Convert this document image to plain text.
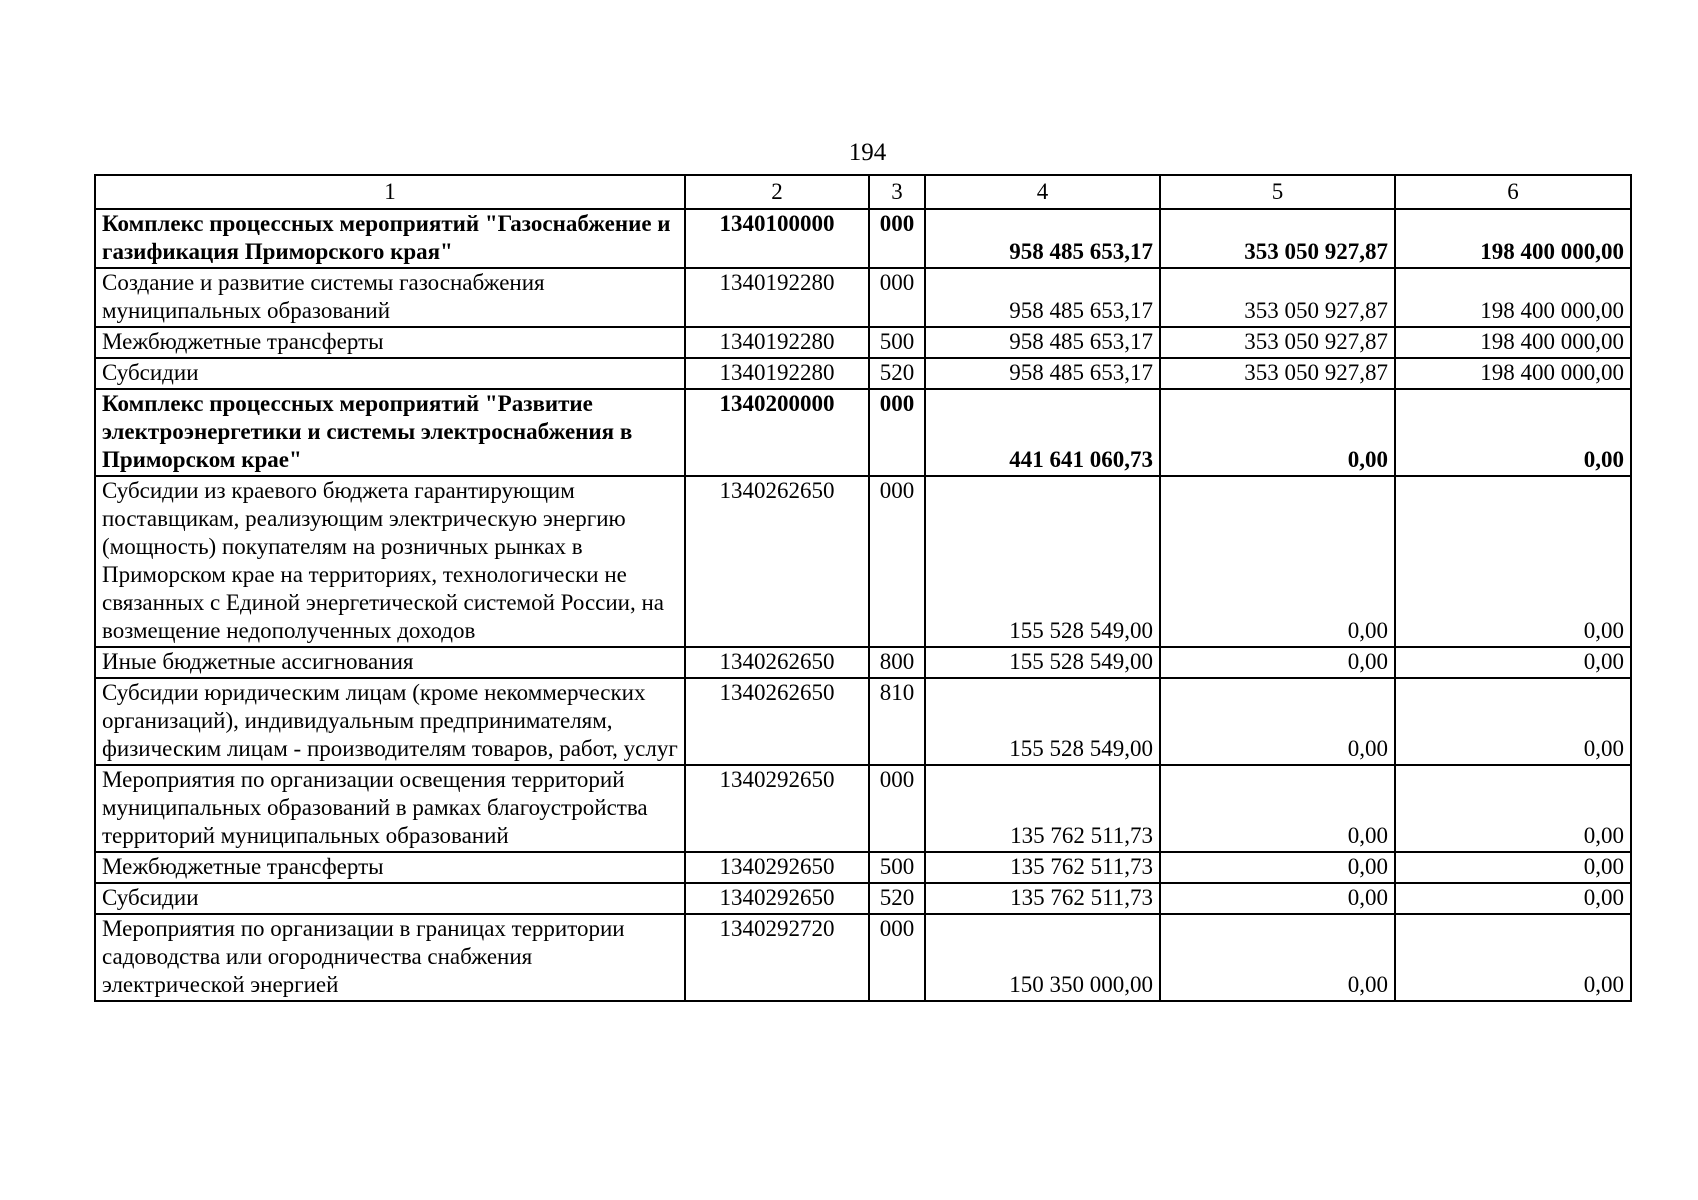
194
1	2	3	4	5	6
Комплекс процессных мероприятий "Газоснабжение и газификация Приморского края"	1340100000	000	958 485 653,17	353 050 927,87	198 400 000,00
Создание и развитие системы газоснабжения муниципальных образований	1340192280	000	958 485 653,17	353 050 927,87	198 400 000,00
Межбюджетные трансферты	1340192280	500	958 485 653,17	353 050 927,87	198 400 000,00
Субсидии	1340192280	520	958 485 653,17	353 050 927,87	198 400 000,00
Комплекс процессных мероприятий "Развитие электроэнергетики и системы электроснабжения в Приморском крае"	1340200000	000	441 641 060,73	0,00	0,00
Субсидии из краевого бюджета гарантирующим поставщикам, реализующим электрическую энергию (мощность) покупателям на розничных рынках в Приморском крае на территориях, технологически не связанных с Единой энергетической системой России, на возмещение недополученных доходов	1340262650	000	155 528 549,00	0,00	0,00
Иные бюджетные ассигнования	1340262650	800	155 528 549,00	0,00	0,00
Субсидии юридическим лицам (кроме некоммерческих организаций), индивидуальным предпринимателям, физическим лицам - производителям товаров, работ, услуг	1340262650	810	155 528 549,00	0,00	0,00
Мероприятия по организации освещения территорий муниципальных образований в рамках благоустройства территорий муниципальных образований	1340292650	000	135 762 511,73	0,00	0,00
Межбюджетные трансферты	1340292650	500	135 762 511,73	0,00	0,00
Субсидии	1340292650	520	135 762 511,73	0,00	0,00
Мероприятия по организации в границах территории садоводства или огородничества снабжения электрической энергией	1340292720	000	150 350 000,00	0,00	0,00
